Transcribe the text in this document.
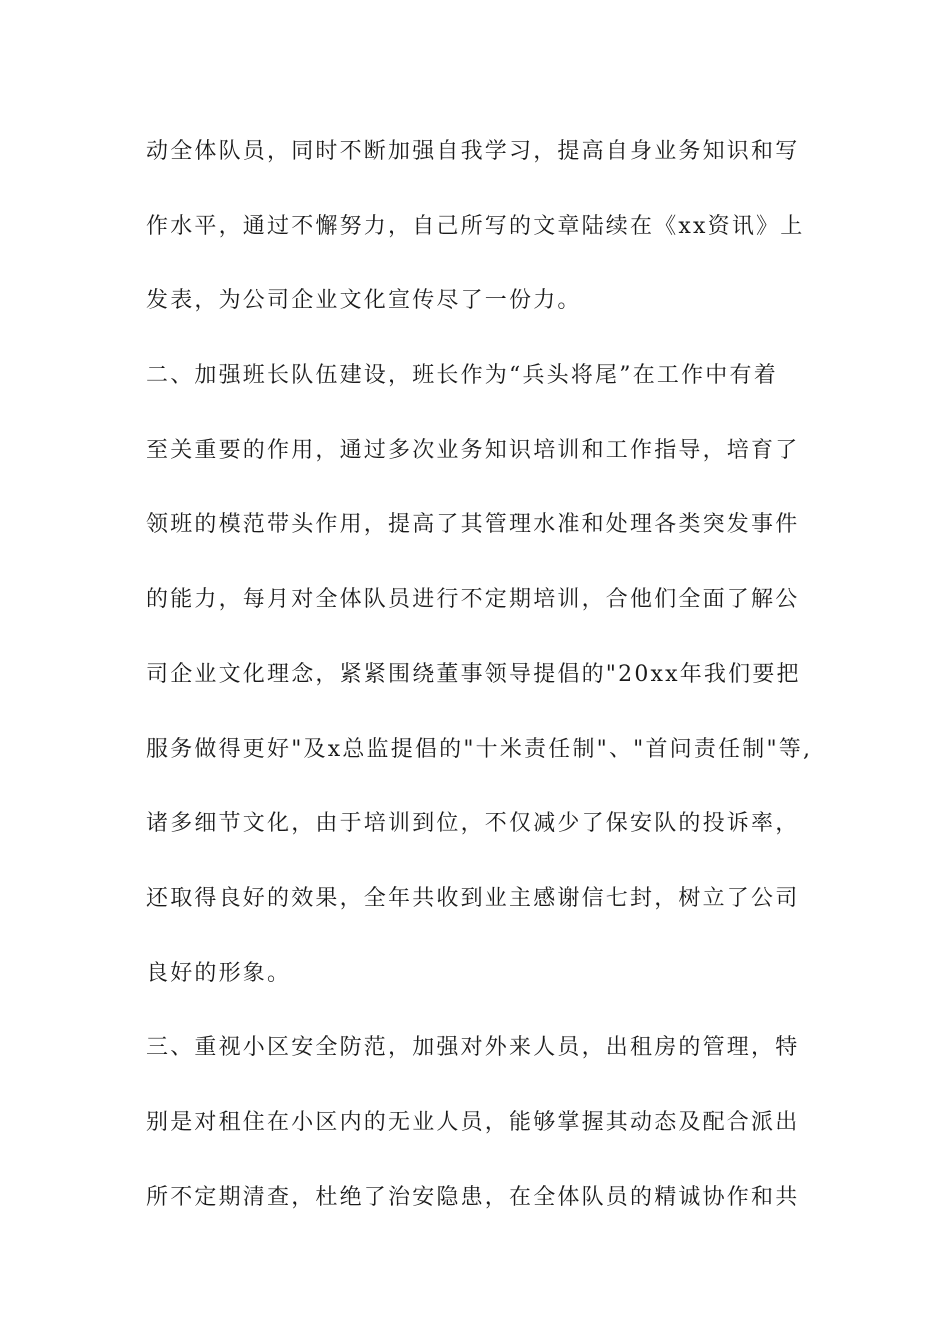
动全体队员，同时不断加强自我学习，提高自身业务知识和写
作水平，通过不懈努力，自己所写的文章陆续在《xx资讯》上
发表，为公司企业文化宣传尽了一份力。
二、加强班长队伍建设，班长作为“兵头将尾”在工作中有着
至关重要的作用，通过多次业务知识培训和工作指导，培育了
领班的模范带头作用，提高了其管理水准和处理各类突发事件
的能力，每月对全体队员进行不定期培训，合他们全面了解公
司企业文化理念，紧紧围绕董事领导提倡的"20xx年我们要把
服务做得更好"及x总监提倡的"十米责任制"、"首问责任制"等,
诸多细节文化，由于培训到位，不仅减少了保安队的投诉率，
还取得良好的效果，全年共收到业主感谢信七封，树立了公司
良好的形象。
三、重视小区安全防范，加强对外来人员，出租房的管理，特
别是对租住在小区内的无业人员，能够掌握其动态及配合派出
所不定期清查，杜绝了治安隐患，在全体队员的精诚协作和共
